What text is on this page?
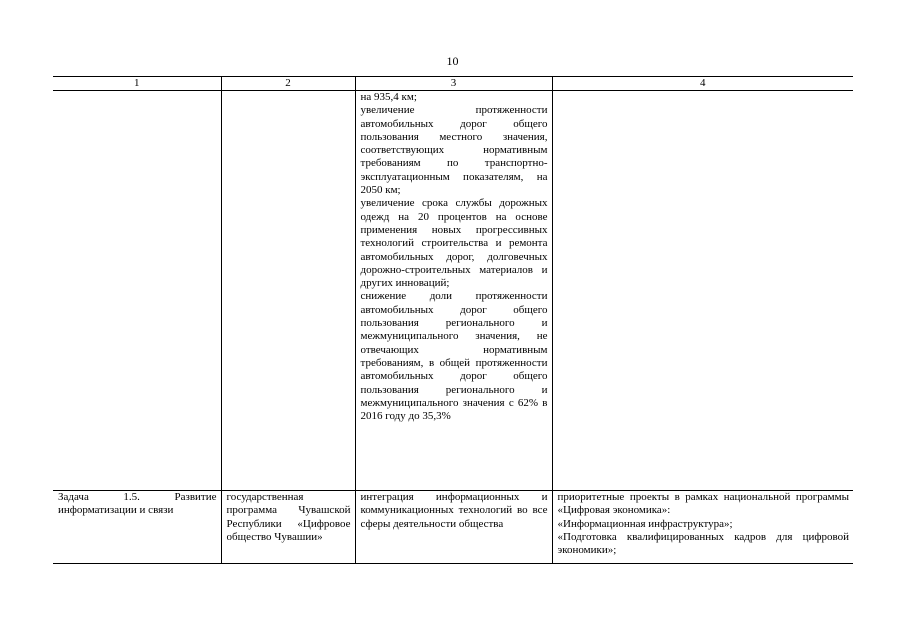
10
1	2	3	4

		на 935,4 км;
увеличение протяженности автомобильных дорог общего пользования местного значения, соответствующих нормативным требованиям по транспортно-эксплуатационным показателям, на 2050 км;
увеличение срока службы дорожных одежд на 20 процентов на основе применения новых прогрессивных технологий строительства и ремонта автомобильных дорог, долговечных дорожно-строительных материалов и других инноваций;
снижение доли протяженности автомобильных дорог общего пользования регионального и межмуниципального значения, не отвечающих нормативным требованиям, в общей протяженности автомобильных дорог общего пользования регионального и межмуниципального значения с 62% в 2016 году до 35,3%	

Задача 1.5. Развитие информатизации и связи	государственная программа Чувашской Республики «Цифровое общество Чувашии»	интеграция информационных и коммуникационных технологий во все сферы деятельности общества	приоритетные проекты в рамках национальной программы «Цифровая экономика»:
«Информационная инфраструктура»;
«Подготовка квалифицированных кадров для цифровой экономики»;
